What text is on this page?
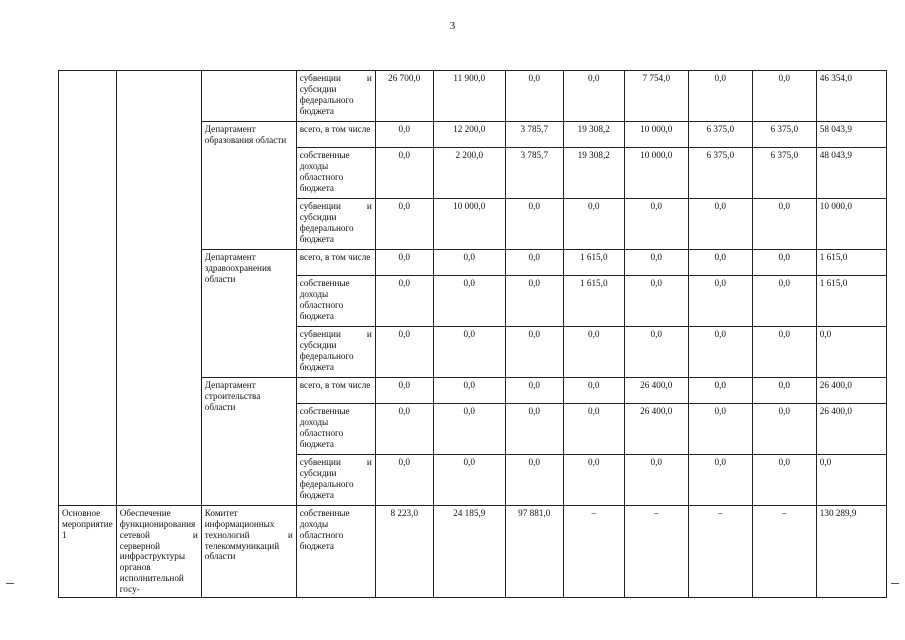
3
			субвенции и субсидии федерального бюджета	26 700,0	11 900,0	0,0	0,0	7 754,0	0,0	0,0	46 354,0
		Департамент образования области	всего, в том числе	0,0	12 200,0	3 785,7	19 308,2	10 000,0	6 375,0	6 375,0	58 043,9
			собственные доходы областного бюджета	0,0	2 200,0	3 785,7	19 308,2	10 000,0	6 375,0	6 375,0	48 043,9
			субвенции и субсидии федерального бюджета	0,0	10 000,0	0,0	0,0	0,0	0,0	0,0	10 000,0
		Департамент здравоохранения области	всего, в том числе	0,0	0,0	0,0	1 615,0	0,0	0,0	0,0	1 615,0
			собственные доходы областного бюджета	0,0	0,0	0,0	1 615,0	0,0	0,0	0,0	1 615,0
			субвенции и субсидии федерального бюджета	0,0	0,0	0,0	0,0	0,0	0,0	0,0	0,0
		Департамент строительства области	всего, в том числе	0,0	0,0	0,0	0,0	26 400,0	0,0	0,0	26 400,0
			собственные доходы областного бюджета	0,0	0,0	0,0	0,0	26 400,0	0,0	0,0	26 400,0
			субвенции и субсидии федерального бюджета	0,0	0,0	0,0	0,0	0,0	0,0	0,0	0,0
Основное мероприятие 1	Обеспечение функционирования сетевой и серверной инфраструктуры органов исполнительной госу-	Комитет информационных технологий и телекоммуникаций области	собственные доходы областного бюджета	8 223,0	24 185,9	97 881,0	–	–	–	–	130 289,9
